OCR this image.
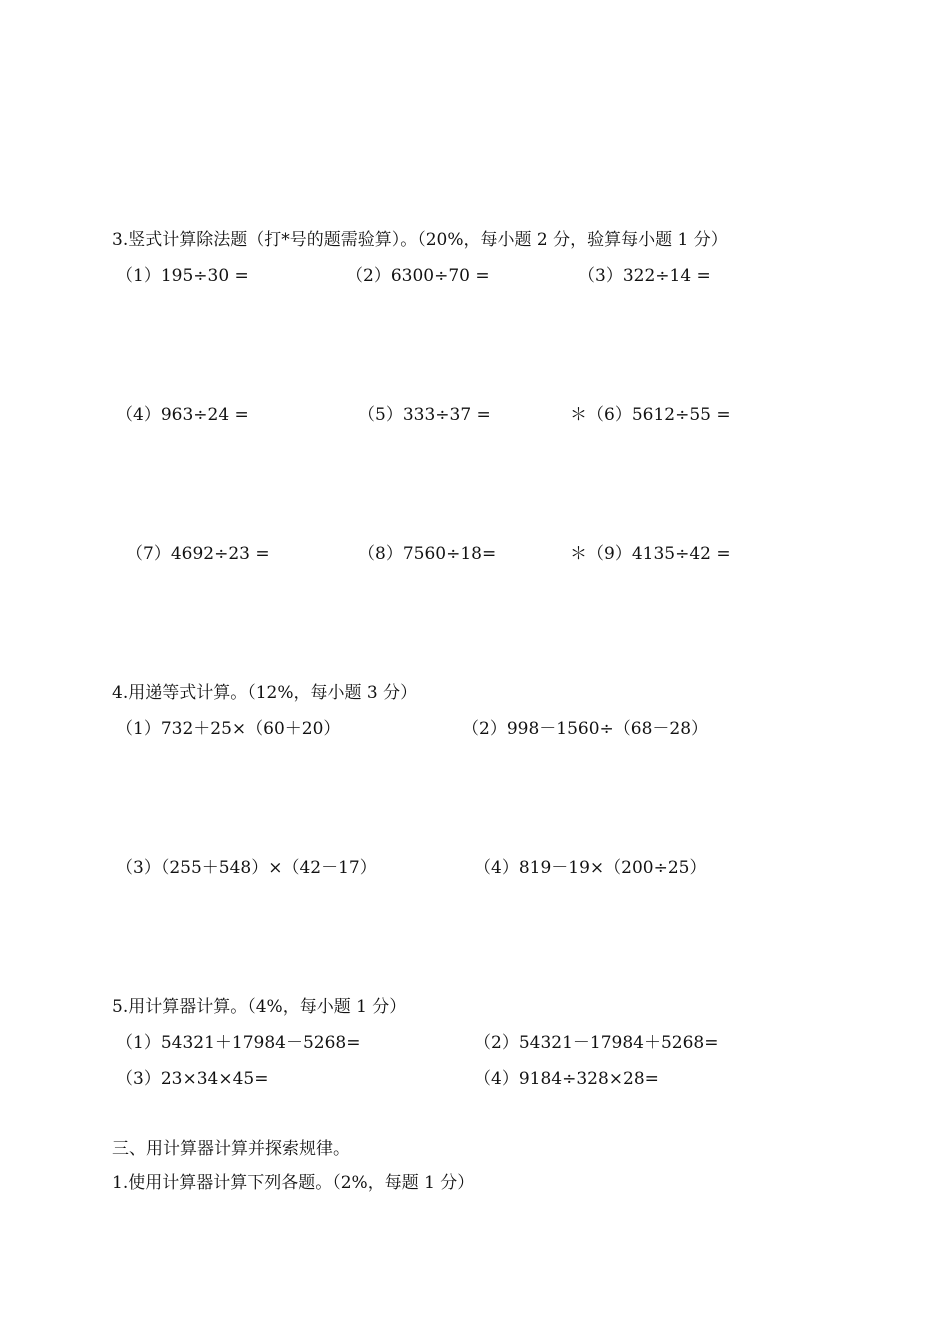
3.竖式计算除法题（打*号的题需验算）。（20%，每小题 2 分，验算每小题 1 分）
（1）195÷30 =	（2）6300÷70 =	（3）322÷14 =
（4）963÷24 =	（5）333÷37 =	＊（6）5612÷55 =
（7）4692÷23 =	（8）7560÷18=	＊（9）4135÷42 =
4.用递等式计算。（12%，每小题 3 分）
（1）732＋25×（60＋20）	（2）998－1560÷（68－28）
（3）（255＋548）×（42－17）	（4）819－19×（200÷25）
5.用计算器计算。（4%，每小题 1 分）
（1）54321＋17984－5268=	（2）54321－17984＋5268=
（3）23×34×45=	（4）9184÷328×28=
三、用计算器计算并探索规律。
1.使用计算器计算下列各题。（2%，每题 1 分）
